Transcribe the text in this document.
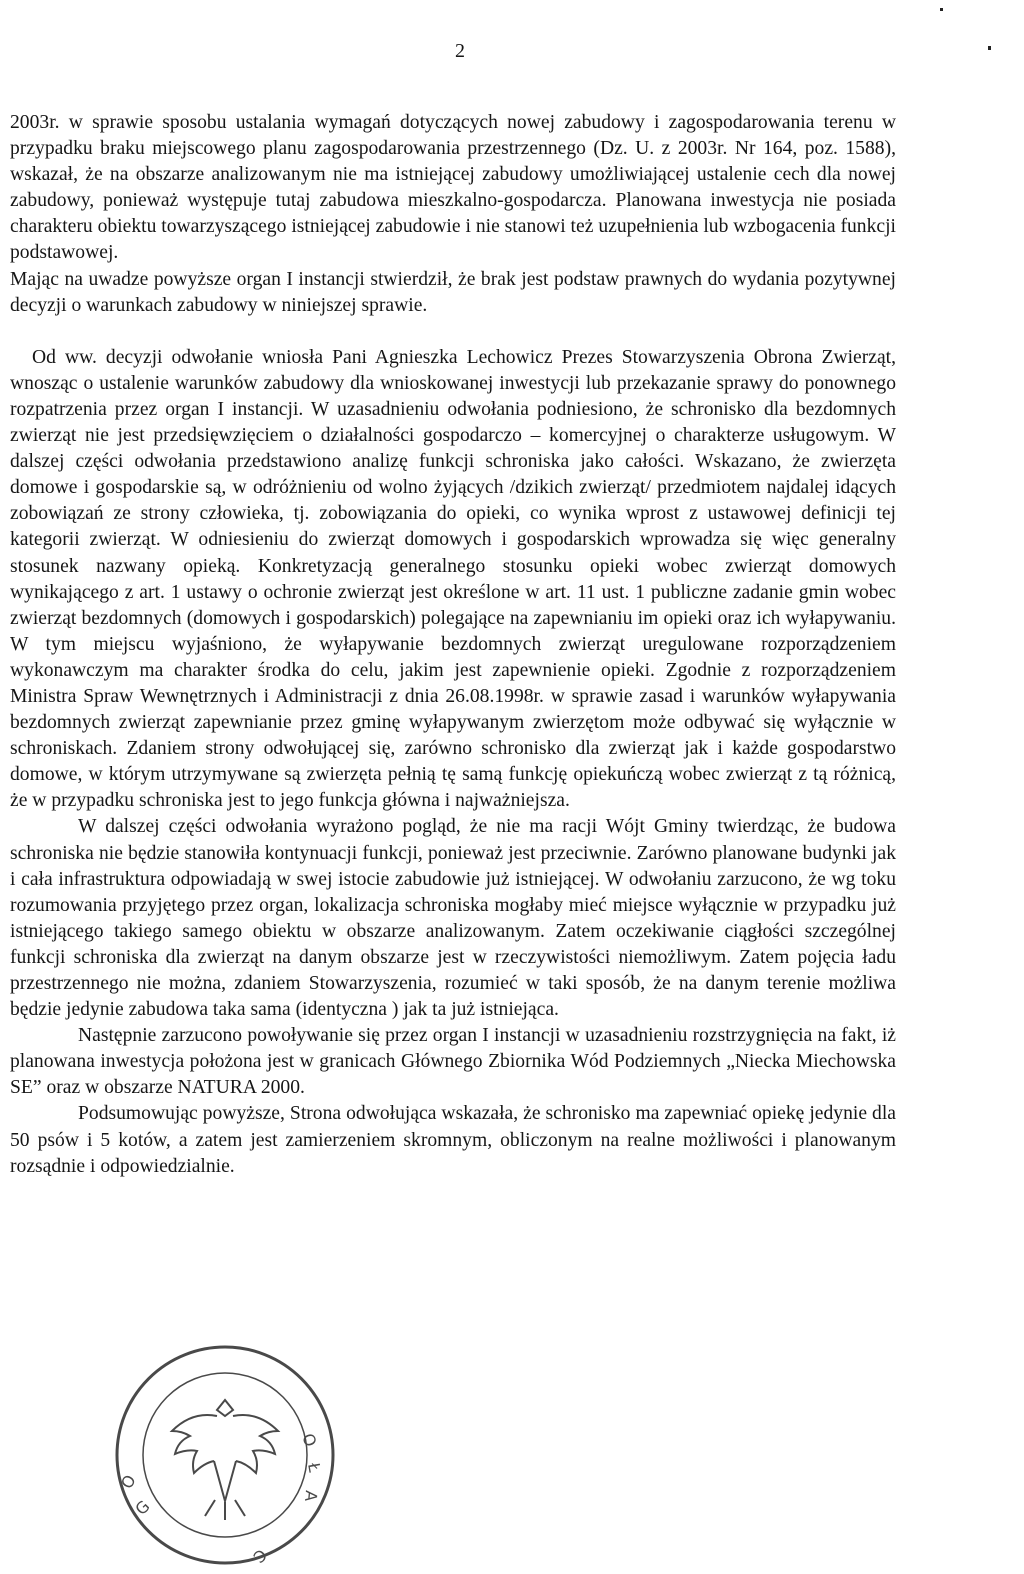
2

2003r. w sprawie sposobu ustalania wymagań dotyczących nowej zabudowy i zagospodarowania terenu w przypadku braku miejscowego planu zagospodarowania przestrzennego (Dz. U. z 2003r. Nr 164, poz. 1588), wskazał, że na obszarze analizowanym nie ma istniejącej zabudowy umożliwiającej ustalenie cech dla nowej zabudowy, ponieważ występuje tutaj zabudowa mieszkalno-gospodarcza. Planowana inwestycja nie posiada charakteru obiektu towarzyszącego istniejącej zabudowie i nie stanowi też uzupełnienia lub wzbogacenia funkcji podstawowej.

Mając na uwadze powyższe organ I instancji stwierdził, że brak jest podstaw prawnych do wydania pozytywnej decyzji o warunkach zabudowy w niniejszej sprawie.

Od ww. decyzji odwołanie wniosła Pani Agnieszka Lechowicz Prezes Stowarzyszenia Obrona Zwierząt, wnosząc o ustalenie warunków zabudowy dla wnioskowanej inwestycji lub przekazanie sprawy do ponownego rozpatrzenia przez organ I instancji. W uzasadnieniu odwołania podniesiono, że schronisko dla bezdomnych zwierząt nie jest przedsięwzięciem o działalności gospodarczo – komercyjnej o charakterze usługowym. W dalszej części odwołania przedstawiono analizę funkcji schroniska jako całości. Wskazano, że zwierzęta domowe i gospodarskie są, w odróżnieniu od wolno żyjących /dzikich zwierząt/ przedmiotem najdalej idących zobowiązań ze strony człowieka, tj. zobowiązania do opieki, co wynika wprost z ustawowej definicji tej kategorii zwierząt. W odniesieniu do zwierząt domowych i gospodarskich wprowadza się więc generalny stosunek nazwany opieką. Konkretyzacją generalnego stosunku opieki wobec zwierząt domowych wynikającego z art. 1 ustawy o ochronie zwierząt jest określone w art. 11 ust. 1 publiczne zadanie gmin wobec zwierząt bezdomnych (domowych i gospodarskich) polegające na zapewnianiu im opieki oraz ich wyłapywaniu. W tym miejscu wyjaśniono, że wyłapywanie bezdomnych zwierząt uregulowane rozporządzeniem wykonawczym ma charakter środka do celu, jakim jest zapewnienie opieki. Zgodnie z rozporządzeniem Ministra Spraw Wewnętrznych i Administracji z dnia 26.08.1998r. w sprawie zasad i warunków wyłapywania bezdomnych zwierząt zapewnianie przez gminę wyłapywanym zwierzętom może odbywać się wyłącznie w schroniskach. Zdaniem strony odwołującej się, zarówno schronisko dla zwierząt jak i każde gospodarstwo domowe, w którym utrzymywane są zwierzęta pełnią tę samą funkcję opiekuńczą wobec zwierząt z tą różnicą, że w przypadku schroniska jest to jego funkcja główna i najważniejsza.

W dalszej części odwołania wyrażono pogląd, że nie ma racji Wójt Gminy twierdząc, że budowa schroniska nie będzie stanowiła kontynuacji funkcji, ponieważ jest przeciwnie. Zarówno planowane budynki jak i cała infrastruktura odpowiadają w swej istocie zabudowie już istniejącej. W odwołaniu zarzucono, że wg toku rozumowania przyjętego przez organ, lokalizacja schroniska mogłaby mieć miejsce wyłącznie w przypadku już istniejącego takiego samego obiektu w obszarze analizowanym. Zatem oczekiwanie ciągłości szczególnej funkcji schroniska dla zwierząt na danym obszarze jest w rzeczywistości niemożliwym. Zatem pojęcia ładu przestrzennego nie można, zdaniem Stowarzyszenia, rozumieć w taki sposób, że na danym terenie możliwa będzie jedynie zabudowa taka sama (identyczna ) jak ta już istniejąca.

Następnie zarzucono powoływanie się przez organ I instancji w uzasadnieniu rozstrzygnięcia na fakt, iż planowana inwestycja położona jest w granicach Głównego Zbiornika Wód Podziemnych „Niecka Miechowska SE” oraz w obszarze NATURA 2000.

Podsumowując powyższe, Strona odwołująca wskazała, że schronisko ma zapewniać opiekę jedynie dla 50 psów i 5 kotów, a zatem jest zamierzeniem skromnym, obliczonym na realne możliwości i planowanym rozsądnie i odpowiedzialnie.

O
G
O
Ł
A
C
